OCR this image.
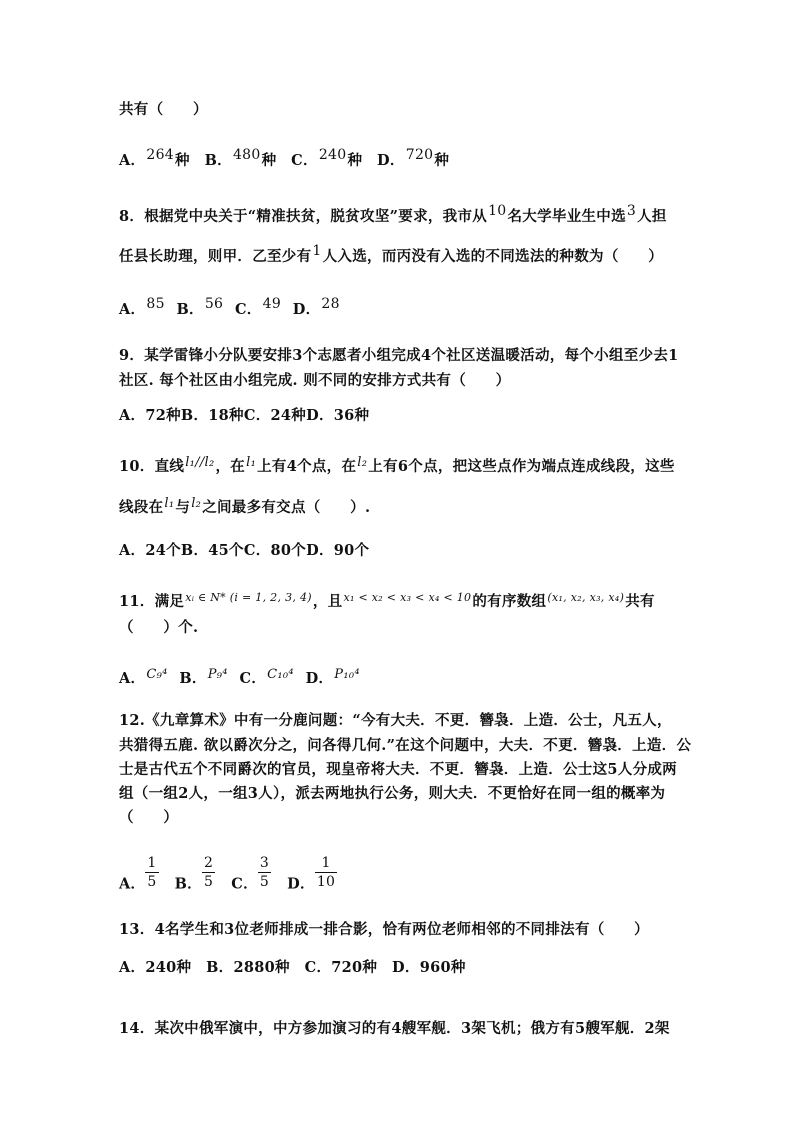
共有（　　）
A．264种　B．480种　C．240种　D．720种
8．根据党中央关于“精准扶贫，脱贫攻坚”要求，我市从10名大学毕业生中选3人担
任县长助理，则甲．乙至少有1人入选，而丙没有入选的不同选法的种数为（　　）
A．85 B．56 C．49 D．28
9．某学雷锋小分队要安排3个志愿者小组完成4个社区送温暖活动，每个小组至少去1
社区. 每个社区由小组完成. 则不同的安排方式共有（　　）
A．72种B．18种C．24种D．36种
10．直线l₁//l₂，在l₁上有4个点，在l₂上有6个点，把这些点作为端点连成线段，这些
线段在l₁与l₂之间最多有交点（　　）.
A．24个B．45个C．80个D．90个
11．满足$^{xᵢ \in N* (i = 1, 2, 3, 4)}$，且$^{x_1 < x_2 < x_3 < x_4 < 10}$的有序数组$^{(x_1, x_2, x_3, x_4)}$共有
（　　）个.
A．C₉⁴ B．P₉⁴ C．C₁₀⁴ D．P₁₀⁴
12.《九章算术》中有一分鹿问题：“今有大夫．不更．簪袅．上造．公士，凡五人，
共猎得五鹿. 欲以爵次分之，问各得几何.”在这个问题中，大夫．不更．簪袅．上造．公
士是古代五个不同爵次的官员，现皇帝将大夫．不更．簪袅．上造．公士这5人分成两
组（一组2人，一组3人），派去两地执行公务，则大夫．不更恰好在同一组的概率为
（　　）
A． $\frac{1}{5}$ B． $\frac{2}{5}$ C． $\frac{3}{5}$ D． $\frac{1}{10}$
13．4名学生和3位老师排成一排合影，恰有两位老师相邻的不同排法有（　　）
A．240种　B．2880种　C．720种　D．960种
14．某次中俄军演中，中方参加演习的有4艘军舰．3架飞机；俄方有5艘军舰．2架
